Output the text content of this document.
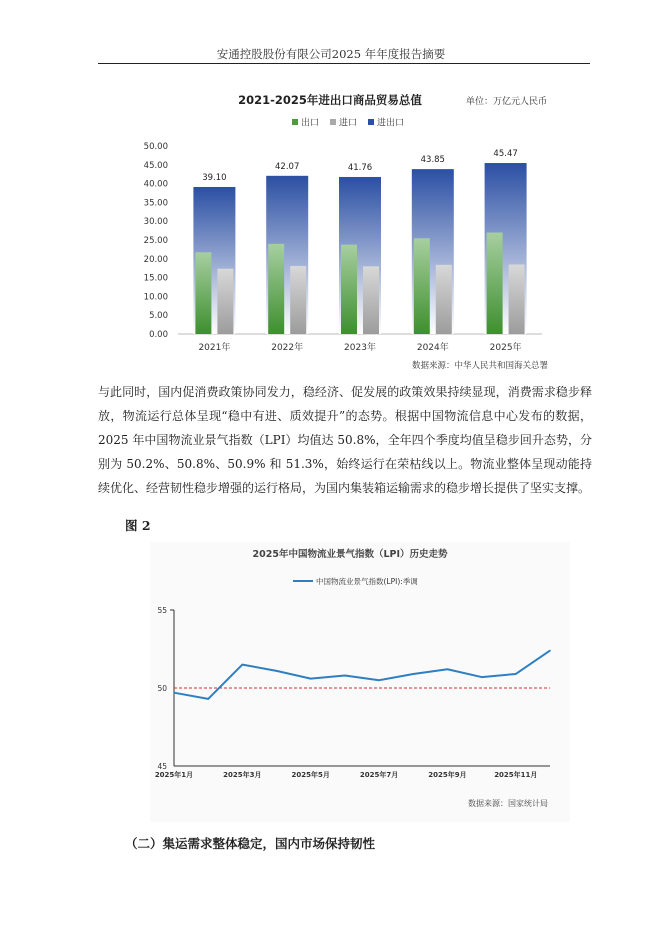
安通控股股份有限公司2025 年年度报告摘要
2021-2025年进出口商品贸易总值	单位：万亿元人民币
出口 进口 进出口
0.00
5.00
10.00
15.00
20.00
25.00
30.00
35.00
40.00
45.00
50.00
39.10
2021年
42.07
2022年
41.76
2023年
43.85
2024年
45.47
2025年
数据来源：中华人民共和国海关总署

与此同时，国内促消费政策协同发力，稳经济、促发展的政策效果持续显现，消费需求稳步释放，物流运行总体呈现“稳中有进、质效提升”的态势。根据中国物流信息中心发布的数据，2025 年中国物流业景气指数（LPI）均值达 50.8%，全年四个季度均值呈稳步回升态势，分别为 50.2%、50.8%、50.9% 和 51.3%，始终运行在荣枯线以上。物流业整体呈现动能持续优化、经营韧性稳步增强的运行格局，为国内集装箱运输需求的稳步增长提供了坚实支撑。

图 2
2025年中国物流业景气指数（LPI）历史走势
中国物流业景气指数(LPI):季调
45
50
55
2025年1月	2025年3月	2025年5月	2025年7月	2025年9月	2025年11月
数据来源：国家统计局
（二）集运需求整体稳定，国内市场保持韧性
